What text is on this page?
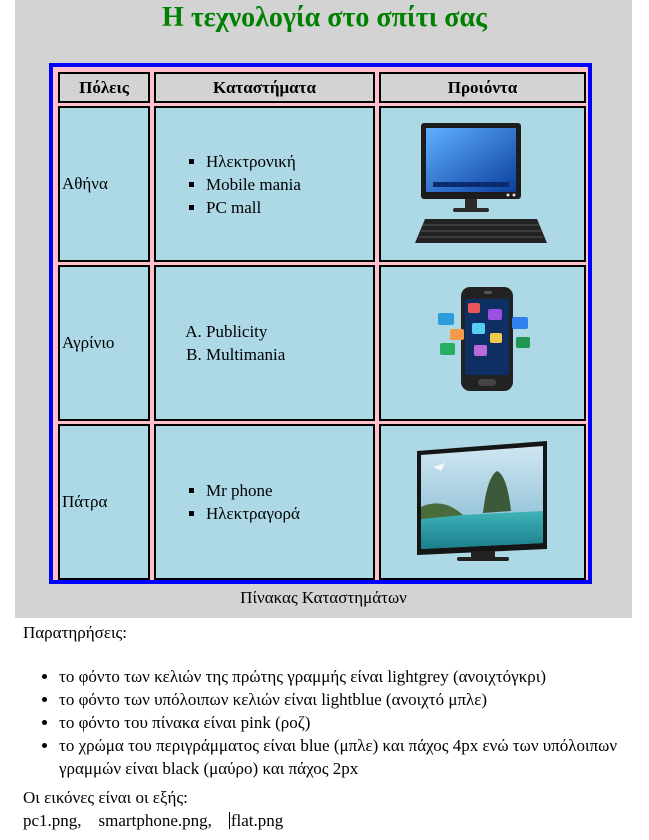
Η τεχνολογία στο σπίτι σας
Πόλεις	Καταστήματα	Προιόντα
Αθήνα
▪ Ηλεκτρονική
▪ Mobile mania
▪ PC mall
Αγρίνιο
A. Publicity
B. Multimania
Πάτρα
▪ Mr phone
▪ Ηλεκτραγορά
Πίνακας Καταστημάτων
Παρατηρήσεις:
• το φόντο των κελιών της πρώτης γραμμής είναι lightgrey (ανοιχτόγκρι)
• το φόντο των υπόλοιπων κελιών είναι lightblue (ανοιχτό μπλε)
• το φόντο του πίνακα είναι pink (ροζ)
• το χρώμα του περιγράμματος είναι blue (μπλε) και πάχος 4px ενώ των υπόλοιπων γραμμών είναι black (μαύρο) και πάχος 2px
Οι εικόνες είναι οι εξής:
pc1.png, smartphone.png, flat.png
